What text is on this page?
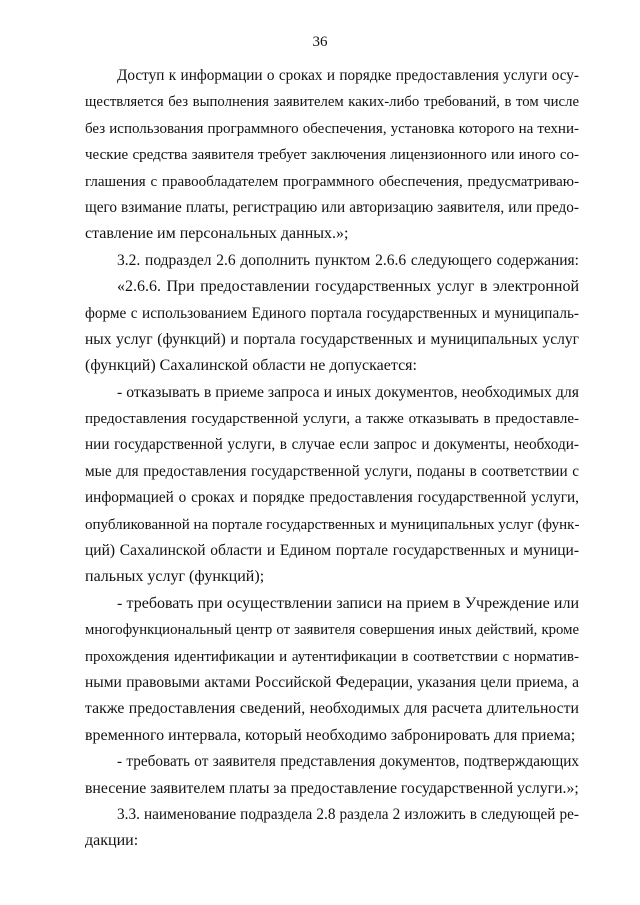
36
Доступ к информации о сроках и порядке предоставления услуги осу-
ществляется без выполнения заявителем каких-либо требований, в том числе
без использования программного обеспечения, установка которого на техни-
ческие средства заявителя требует заключения лицензионного или иного со-
глашения с правообладателем программного обеспечения, предусматриваю-
щего взимание платы, регистрацию или авторизацию заявителя, или предо-
ставление им персональных данных.»;
3.2. подраздел 2.6 дополнить пунктом 2.6.6 следующего содержания:
«2.6.6. При предоставлении государственных услуг в электронной
форме с использованием Единого портала государственных и муниципаль-
ных услуг (функций) и портала государственных и муниципальных услуг
(функций) Сахалинской области не допускается:
- отказывать в приеме запроса и иных документов, необходимых для
предоставления государственной услуги, а также отказывать в предоставле-
нии государственной услуги, в случае если запрос и документы, необходи-
мые для предоставления государственной услуги, поданы в соответствии с
информацией о сроках и порядке предоставления государственной услуги,
опубликованной на портале государственных и муниципальных услуг (функ-
ций) Сахалинской области и Едином портале государственных и муници-
пальных услуг (функций);
- требовать при осуществлении записи на прием в Учреждение или
многофункциональный центр от заявителя совершения иных действий, кроме
прохождения идентификации и аутентификации в соответствии с норматив-
ными правовыми актами Российской Федерации, указания цели приема, а
также предоставления сведений, необходимых для расчета длительности
временного интервала, который необходимо забронировать для приема;
- требовать от заявителя представления документов, подтверждающих
внесение заявителем платы за предоставление государственной услуги.»;
3.3. наименование подраздела 2.8 раздела 2 изложить в следующей ре-
дакции:
